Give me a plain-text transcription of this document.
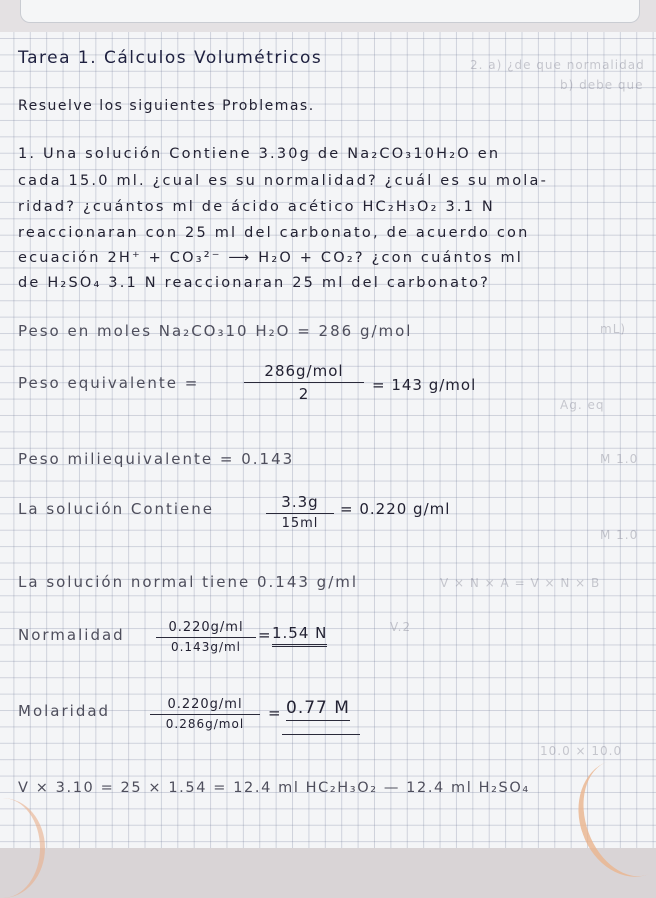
2. a) ¿de que normalidad
b) debe que
mL)
Ag. eq
M 1.0
M 1.0
V.2
10.0 × 10.0
V × N × A = V × N × B
Tarea 1. Cálculos Volumétricos
Resuelve los siguientes Problemas.
1. Una solución Contiene 3.30g de Na₂CO₃10H₂O en
cada 15.0 ml. ¿cual es su normalidad? ¿cuál es su mola-
ridad? ¿cuántos ml de ácido acético HC₂H₃O₂ 3.1 N
reaccionaran con 25 ml del carbonato, de acuerdo con
ecuación 2H⁺ + CO₃²⁻ ⟶ H₂O + CO₂? ¿con cuántos ml
de H₂SO₄ 3.1 N reaccionaran 25 ml del carbonato?
Peso en moles Na₂CO₃10 H₂O = 286 g/mol
Peso equivalente =
286g/mol
2	= 143 g/mol
Peso miliequivalente = 0.143
La solución Contiene	$\frac{3.3g}{15ml} = 0.220$ g/ml
La solución normal tiene 0.143 g/ml
Normalidad $\frac{0.220g/ml}{0.143g/ml} = 1.54$ N
Molaridad	0.220g/ml
0.286g/mol
= 0.77 M
V × 3.10 = 25 × 1.54 = 12.4 ml HC₂H₃O₂ — 12.4 ml H₂SO₄
